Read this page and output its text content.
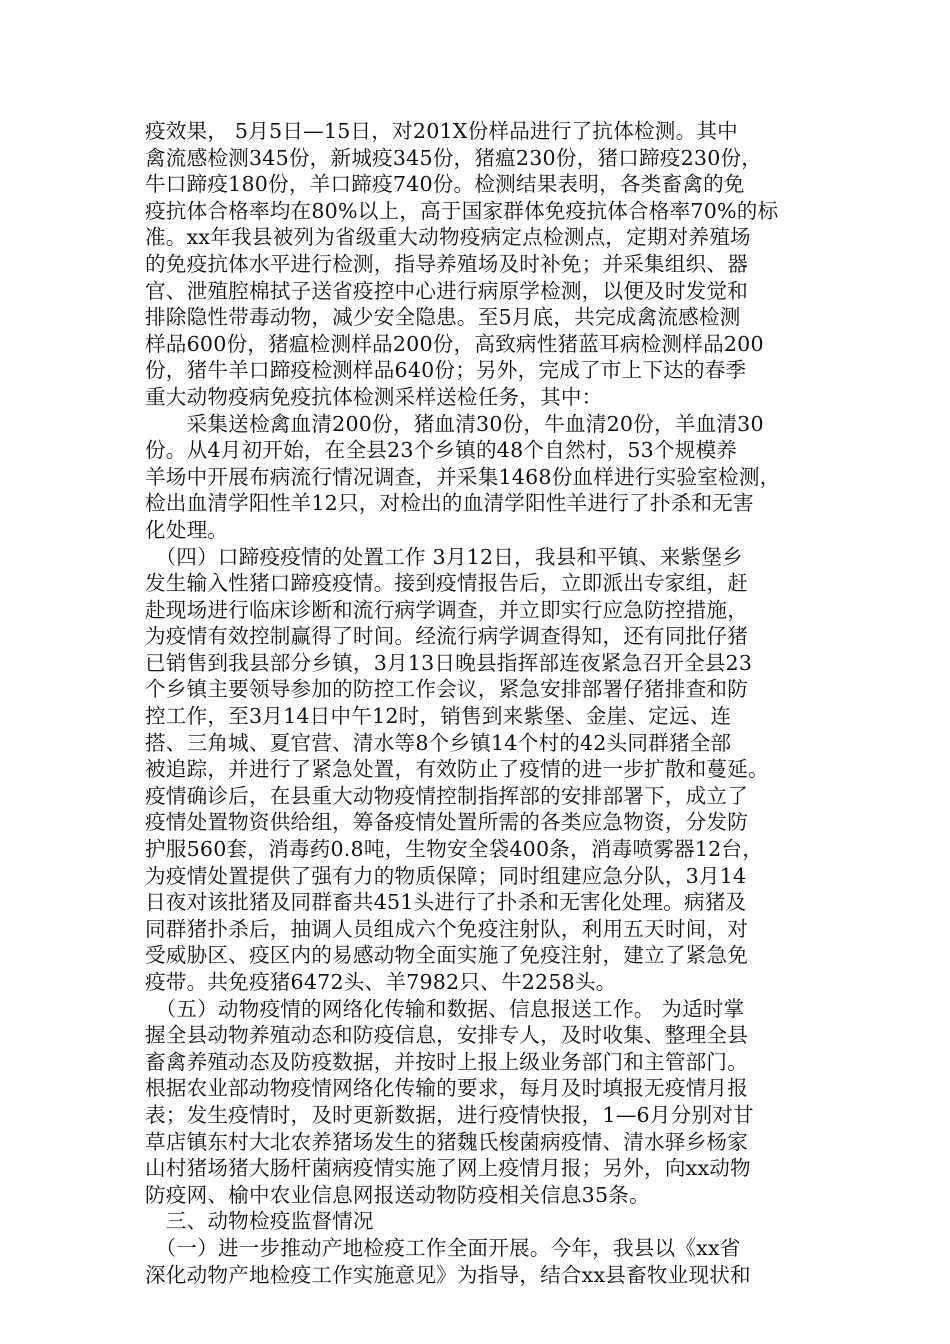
疫效果， 5月5日—15日，对201X份样品进行了抗体检测。其中
禽流感检测345份，新城疫345份，猪瘟230份，猪口蹄疫230份，
牛口蹄疫180份，羊口蹄疫740份。检测结果表明，各类畜禽的免
疫抗体合格率均在80%以上，高于国家群体免疫抗体合格率70%的标
准。xx年我县被列为省级重大动物疫病定点检测点，定期对养殖场
的免疫抗体水平进行检测，指导养殖场及时补免；并采集组织、器
官、泄殖腔棉拭子送省疫控中心进行病原学检测，以便及时发觉和
排除隐性带毒动物，减少安全隐患。至5月底，共完成禽流感检测
样品600份，猪瘟检测样品200份，高致病性猪蓝耳病检测样品200
份，猪牛羊口蹄疫检测样品640份；另外，完成了市上下达的春季
重大动物疫病免疫抗体检测采样送检任务，其中：
　　采集送检禽血清200份，猪血清30份，牛血清20份，羊血清30
份。从4月初开始，在全县23个乡镇的48个自然村，53个规模养
羊场中开展布病流行情况调查，并采集1468份血样进行实验室检测，
检出血清学阳性羊12只，对检出的血清学阳性羊进行了扑杀和无害
化处理。
　（四）口蹄疫疫情的处置工作 3月12日，我县和平镇、来紫堡乡
发生输入性猪口蹄疫疫情。接到疫情报告后，立即派出专家组，赶
赴现场进行临床诊断和流行病学调查，并立即实行应急防控措施，
为疫情有效控制赢得了时间。经流行病学调查得知，还有同批仔猪
已销售到我县部分乡镇，3月13日晚县指挥部连夜紧急召开全县23
个乡镇主要领导参加的防控工作会议，紧急安排部署仔猪排查和防
控工作，至3月14日中午12时，销售到来紫堡、金崖、定远、连
搭、三角城、夏官营、清水等8个乡镇14个村的42头同群猪全部
被追踪，并进行了紧急处置，有效防止了疫情的进一步扩散和蔓延。
疫情确诊后，在县重大动物疫情控制指挥部的安排部署下，成立了
疫情处置物资供给组，筹备疫情处置所需的各类应急物资，分发防
护服560套，消毒药0.8吨，生物安全袋400条，消毒喷雾器12台，
为疫情处置提供了强有力的物质保障；同时组建应急分队，3月14
日夜对该批猪及同群畜共451头进行了扑杀和无害化处理。病猪及
同群猪扑杀后，抽调人员组成六个免疫注射队，利用五天时间，对
受威胁区、疫区内的易感动物全面实施了免疫注射，建立了紧急免
疫带。共免疫猪6472头、羊7982只、牛2258头。
　（五）动物疫情的网络化传输和数据、信息报送工作。 为适时掌
握全县动物养殖动态和防疫信息，安排专人，及时收集、整理全县
畜禽养殖动态及防疫数据，并按时上报上级业务部门和主管部门。
根据农业部动物疫情网络化传输的要求，每月及时填报无疫情月报
表；发生疫情时，及时更新数据，进行疫情快报，1—6月分别对甘
草店镇东村大北农养猪场发生的猪魏氏梭菌病疫情、清水驿乡杨家
山村猪场猪大肠杆菌病疫情实施了网上疫情月报；另外，向xx动物
防疫网、榆中农业信息网报送动物防疫相关信息35条。
　三、动物检疫监督情况
　（一）进一步推动产地检疫工作全面开展。今年，我县以《xx省
深化动物产地检疫工作实施意见》为指导，结合xx县畜牧业现状和
